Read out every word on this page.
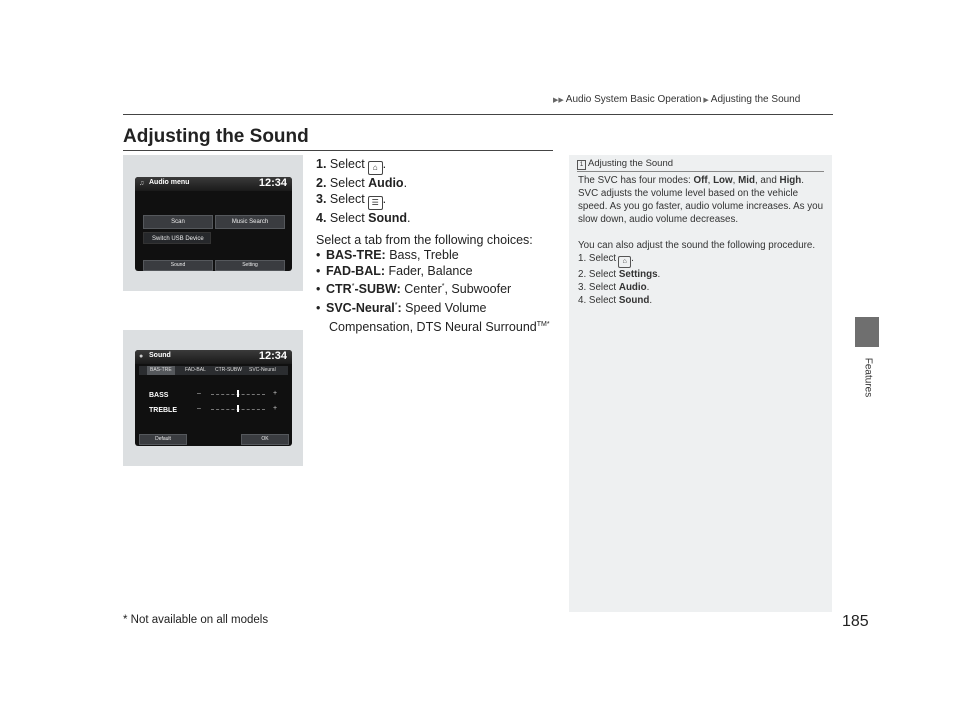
▶▶ Audio System Basic Operation ▶ Adjusting the Sound
Features
Adjusting the Sound
♫ Audio menu	12:34
Scan	Music Search
Switch USB Device
Sound	Setting
● Sound	12:34
BAS-TRE	FAD-BAL CTR-SUBW SVC-Neural
BASS	–	+
TREBLE	–	+
Default	OK
1. Select ⌂ .
2. Select Audio.
3. Select ☰ .
4. Select Sound.
Select a tab from the following choices:
• BAS-TRE: Bass, Treble
• FAD-BAL: Fader, Balance
• CTR*-SUBW: Center*, Subwoofer
• SVC-Neural*: Speed Volume
Compensation, DTS Neural Surround$^{TM*}$
1 Adjusting the Sound

The SVC has four modes: Off, Low, Mid, and High. SVC adjusts the volume level based on the vehicle speed. As you go faster, audio volume increases. As you slow down, audio volume decreases.

You can also adjust the sound the following procedure.

1. Select ⌂ .
2. Select Settings.
3. Select Audio.
4. Select Sound.
* Not available on all models	185
